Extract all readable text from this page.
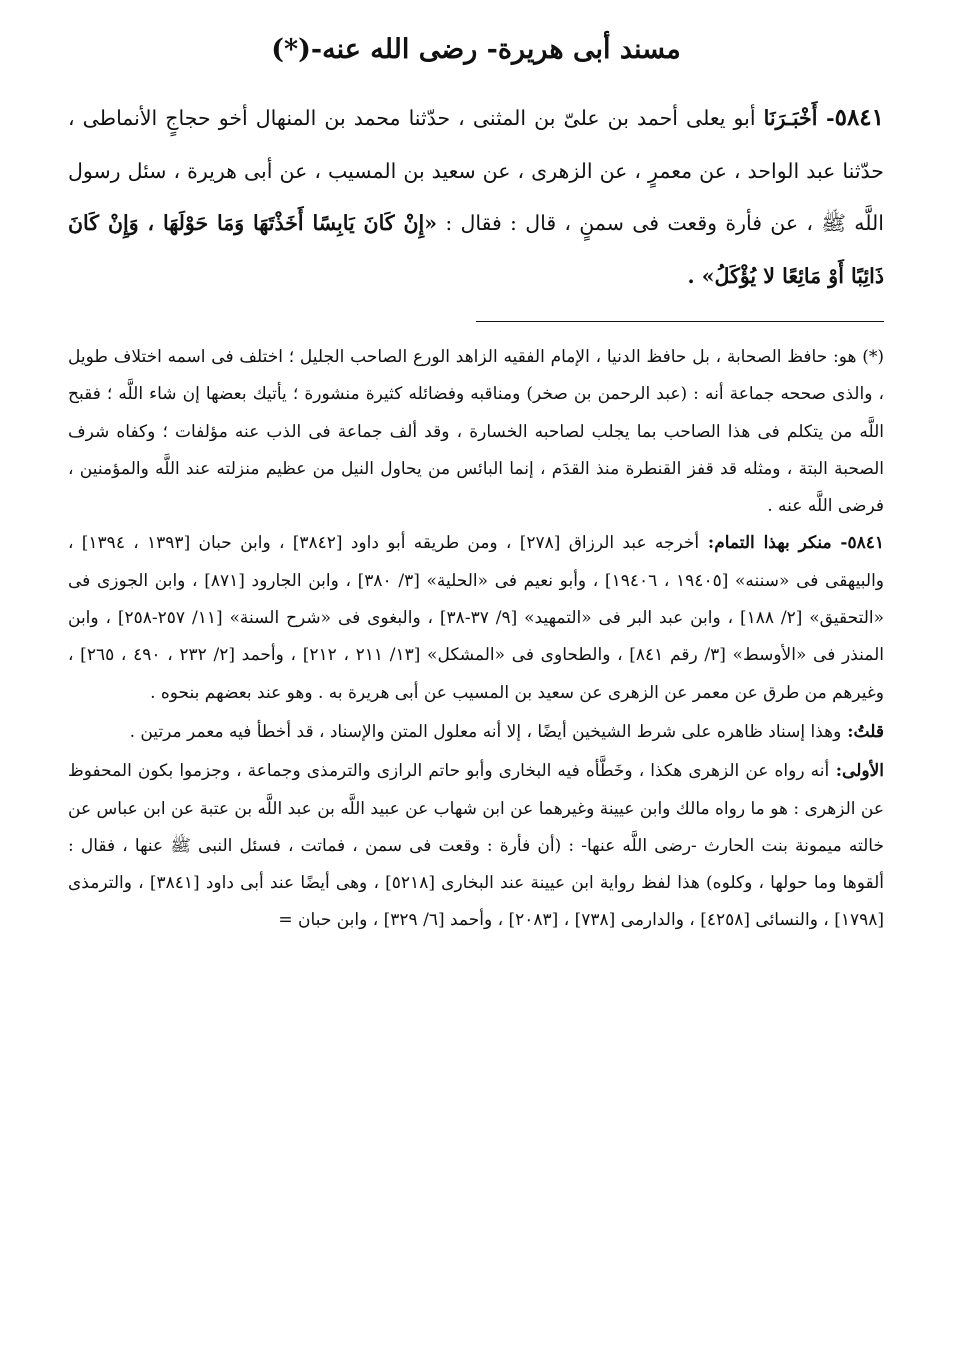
مسند أبى هريرة- رضى الله عنه-(*)

٥٨٤١- أَخْبَـرَنَا أبو يعلى أحمد بن علىّ بن المثنى ، حدّثنا محمد بن المنهال أخو حجاجٍ الأنماطى ، حدّثنا عبد الواحد ، عن معمرٍ ، عن الزهرى ، عن سعيد بن المسيب ، عن أبى هريرة ، سئل رسول اللَّه ﷺ ، عن فأرة وقعت فى سمنٍ ، قال : فقال : «إِنْ كَانَ يَابِسًا أَخَذْتَهَا وَمَا حَوْلَهَا ، وَإِنْ كَانَ ذَائِبًا أَوْ مَائِعًا لا يُؤْكَلُ» .

(*) هو: حافظ الصحابة ، بل حافظ الدنيا ، الإمام الفقيه الزاهد الورع الصاحب الجليل ؛ اختلف فى اسمه اختلاف طويل ، والذى صححه جماعة أنه : (عبد الرحمن بن صخر) ومناقبه وفضائله كثيرة منشورة ؛ يأتيك بعضها إن شاء اللَّه ؛ فقبح اللَّه من يتكلم فى هذا الصاحب بما يجلب لصاحبه الخسارة ، وقد ألف جماعة فى الذب عنه مؤلفات ؛ وكفاه شرف الصحبة البتة ، ومثله قد قفز القنطرة منذ القدَم ، إنما البائس من يحاول النيل من عظيم منزلته عند اللَّه والمؤمنين ، فرضى اللَّه عنه .

٥٨٤١- منكر بهذا التمام: أخرجه عبد الرزاق [٢٧٨] ، ومن طريقه أبو داود [٣٨٤٢] ، وابن حبان [١٣٩٣ ، ١٣٩٤] ، والبيهقى فى «سننه» [١٩٤٠٥ ، ١٩٤٠٦] ، وأبو نعيم فى «الحلية» [٣/ ٣٨٠] ، وابن الجارود [٨٧١] ، وابن الجوزى فى «التحقيق» [٢/ ١٨٨] ، وابن عبد البر فى «التمهيد» [٩/ ٣٧-٣٨] ، والبغوى فى «شرح السنة» [١١/ ٢٥٧-٢٥٨] ، وابن المنذر فى «الأوسط» [٣/ رقم ٨٤١] ، والطحاوى فى «المشكل» [١٣/ ٢١١ ، ٢١٢] ، وأحمد [٢/ ٢٣٢ ، ٤٩٠ ، ٢٦٥] ، وغيرهم من طرق عن معمر عن الزهرى عن سعيد بن المسيب عن أبى هريرة به . وهو عند بعضهم بنحوه .

قلتُ: وهذا إسناد ظاهره على شرط الشيخين أيضًا ، إلا أنه معلول المتن والإسناد ، قد أخطأ فيه معمر مرتين .

الأولى: أنه رواه عن الزهرى هكذا ، وخَطَّأه فيه البخارى وأبو حاتم الرازى والترمذى وجماعة ، وجزموا بكون المحفوظ عن الزهرى : هو ما رواه مالك وابن عيينة وغيرهما عن ابن شهاب عن عبيد اللَّه بن عبد اللَّه بن عتبة عن ابن عباس عن خالته ميمونة بنت الحارث -رضى اللَّه عنها- : (أن فأرة : وقعت فى سمن ، فماتت ، فسئل النبى ﷺ عنها ، فقال : ألقوها وما حولها ، وكلوه) هذا لفظ رواية ابن عيينة عند البخارى [٥٢١٨] ، وهى أيضًا عند أبى داود [٣٨٤١] ، والترمذى [١٧٩٨] ، والنسائى [٤٢٥٨] ، والدارمى [٧٣٨] ، [٢٠٨٣] ، وأحمد [٦/ ٣٢٩] ، وابن حبان =
